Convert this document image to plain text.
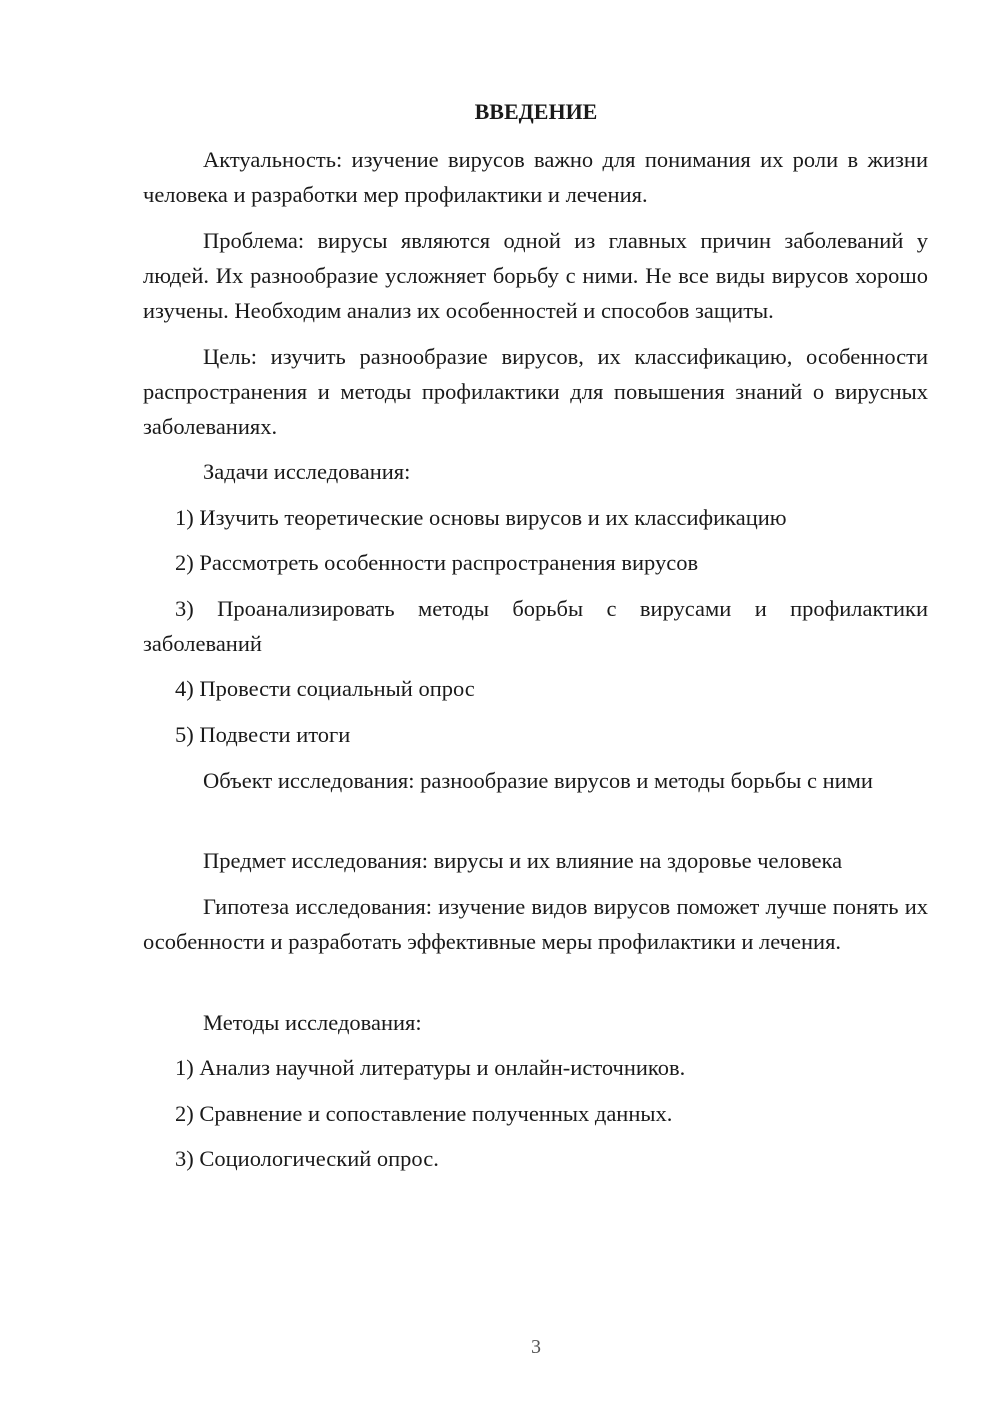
ВВЕДЕНИЕ
Актуальность: изучение вирусов важно для понимания их роли в жизни человека и разработки мер профилактики и лечения.
Проблема: вирусы являются одной из главных причин заболеваний у людей. Их разнообразие усложняет борьбу с ними. Не все виды вирусов хорошо изучены. Необходим анализ их особенностей и способов защиты.
Цель: изучить разнообразие вирусов, их классификацию, особенности распространения и методы профилактики для повышения знаний о вирусных заболеваниях.
Задачи исследования:
1) Изучить теоретические основы вирусов и их классификацию
2) Рассмотреть особенности распространения вирусов
3) Проанализировать методы борьбы с вирусами и профилактики заболеваний
4) Провести социальный опрос
5) Подвести итоги
Объект исследования: разнообразие вирусов и методы борьбы с ними
Предмет исследования: вирусы и их влияние на здоровье человека
Гипотеза исследования: изучение видов вирусов поможет лучше понять их особенности и разработать эффективные меры профилактики и лечения.
Методы исследования:
1) Анализ научной литературы и онлайн-источников.
2) Сравнение и сопоставление полученных данных.
3) Социологический опрос.
3
